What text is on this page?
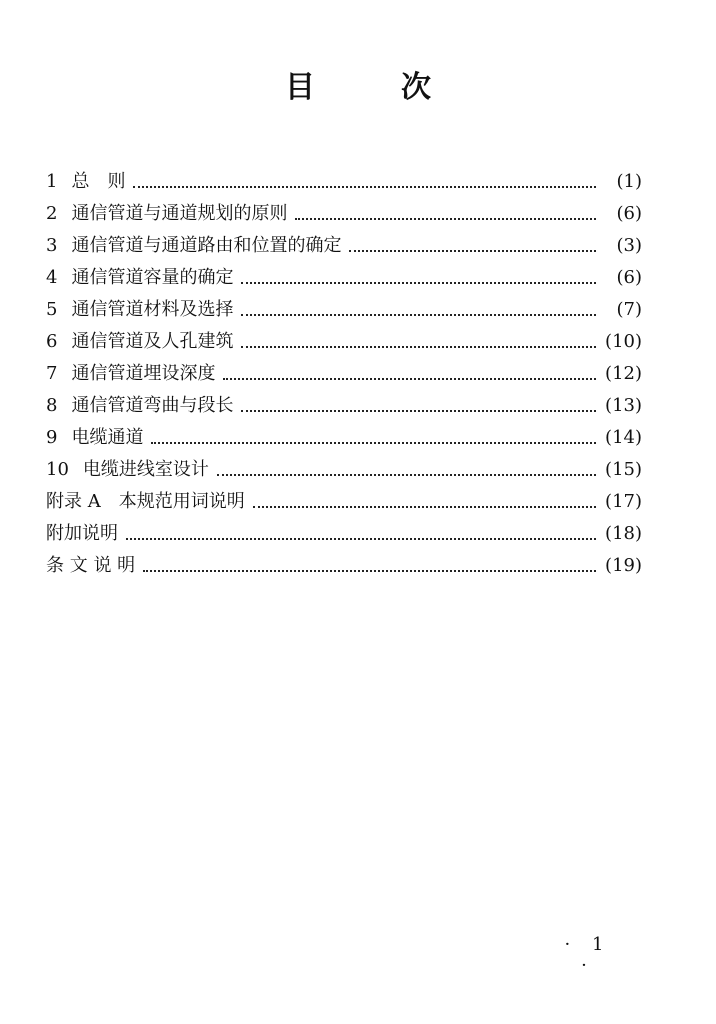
目　次
1 总　则	(1)
2 通信管道与通道规划的原则	(6)
3 通信管道与通道路由和位置的确定	(3)
4 通信管道容量的确定	(6)
5 通信管道材料及选择	(7)
6 通信管道及人孔建筑	(10)
7 通信管道埋设深度	(12)
8 通信管道弯曲与段长	(13)
9 电缆通道	(14)
10 电缆进线室设计	(15)
附录 A　本规范用词说明	(17)
附加说明	(18)
条 文 说 明	(19)
· 1 ·
